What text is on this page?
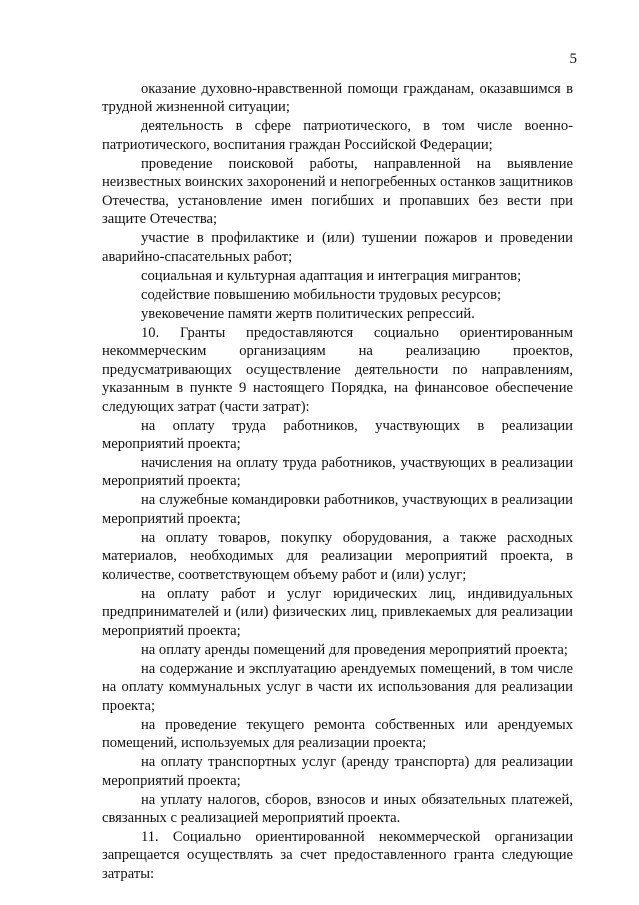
5

оказание духовно-нравственной помощи гражданам, оказавшимся в трудной жизненной ситуации;

деятельность в сфере патриотического, в том числе военно-патриотического, воспитания граждан Российской Федерации;

проведение поисковой работы, направленной на выявление неизвестных воинских захоронений и непогребенных останков защитников Отечества, установление имен погибших и пропавших без вести при защите Отечества;

участие в профилактике и (или) тушении пожаров и проведении аварийно-спасательных работ;

социальная и культурная адаптация и интеграция мигрантов;

содействие повышению мобильности трудовых ресурсов;

увековечение памяти жертв политических репрессий.

10. Гранты предоставляются социально ориентированным некоммерческим организациям на реализацию проектов, предусматривающих осуществление деятельности по направлениям, указанным в пункте 9 настоящего Порядка, на финансовое обеспечение следующих затрат (части затрат):

на оплату труда работников, участвующих в реализации мероприятий проекта;

начисления на оплату труда работников, участвующих в реализации мероприятий проекта;

на служебные командировки работников, участвующих в реализации мероприятий проекта;

на оплату товаров, покупку оборудования, а также расходных материалов, необходимых для реализации мероприятий проекта, в количестве, соответствующем объему работ и (или) услуг;

на оплату работ и услуг юридических лиц, индивидуальных предпринимателей и (или) физических лиц, привлекаемых для реализации мероприятий проекта;

на оплату аренды помещений для проведения мероприятий проекта;

на содержание и эксплуатацию арендуемых помещений, в том числе на оплату коммунальных услуг в части их использования для реализации проекта;

на проведение текущего ремонта собственных или арендуемых помещений, используемых для реализации проекта;

на оплату транспортных услуг (аренду транспорта) для реализации мероприятий проекта;

на уплату налогов, сборов, взносов и иных обязательных платежей, связанных с реализацией мероприятий проекта.

11. Социально ориентированной некоммерческой организации запрещается осуществлять за счет предоставленного гранта следующие затраты:
